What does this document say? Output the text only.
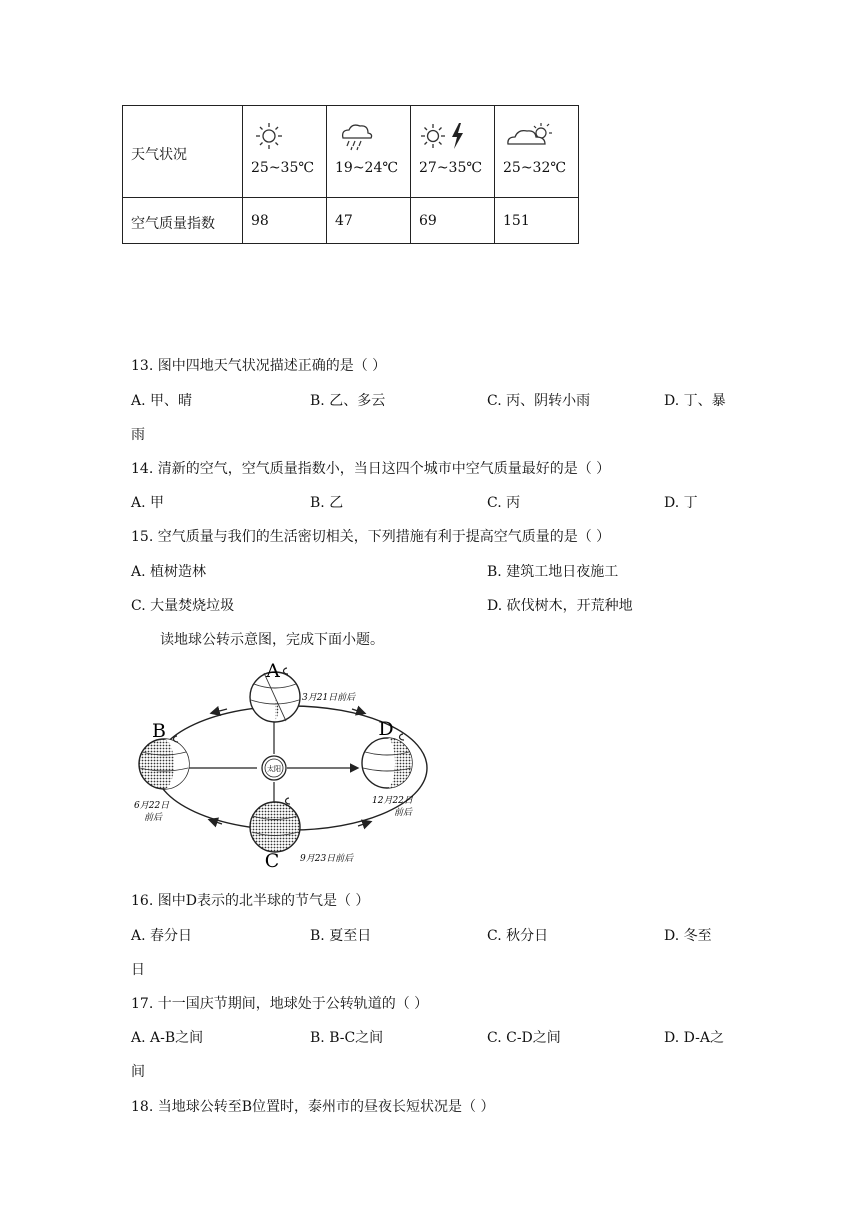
天气状况	25~35℃	19~24℃	27~35℃	25~32℃

空气质量指数	98	47	69	151
13. 图中四地天气状况描述正确的是（ ）
A. 甲、晴	B. 乙、多云	C. 丙、阴转小雨	D. 丁、暴
雨
14. 清新的空气，空气质量指数小，当日这四个城市中空气质量最好的是（ ）
A. 甲	B. 乙	C. 丙	D. 丁
15. 空气质量与我们的生活密切相关，下列措施有利于提高空气质量的是（ ）
A. 植树造林	B. 建筑工地日夜施工
C. 大量焚烧垃圾	D. 砍伐树木，开荒种地
读地球公转示意图，完成下面小题。
太阳
A
3月21日前后
B
6月22日
前后
C 9月23日前后
D
12月22日
前后
16. 图中D表示的北半球的节气是（ ）
A. 春分日	B. 夏至日	C. 秋分日	D. 冬至
日
17. 十一国庆节期间，地球处于公转轨道的（ ）
A. A-B之间	B. B-C之间	C. C-D之间	D. D-A之
间
18. 当地球公转至B位置时，泰州市的昼夜长短状况是（ ）
